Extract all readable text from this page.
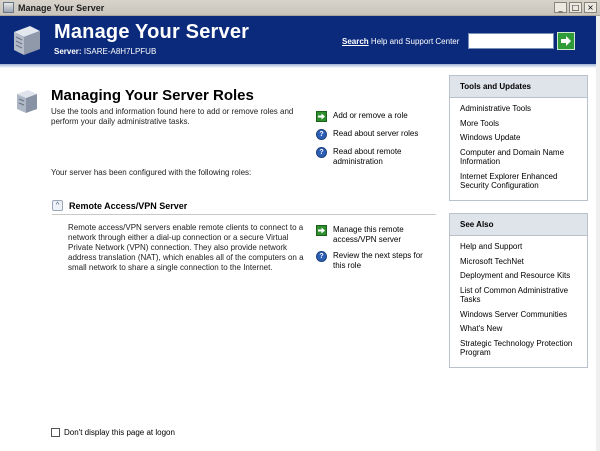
Manage Your Server	_	□ ×
Manage Your Server
Server: ISARE-A8H7LPFUB
Search Help and Support Center
Managing Your Server Roles
Use the tools and information found here to add or remove roles and perform your daily administrative tasks.
Add or remove a role
?	Read about server roles
?	Read about remote administration
Your server has been configured with the following roles:
^	Remote Access/VPN Server
Remote access/VPN servers enable remote clients to connect to a network through either a dial-up connection or a secure Virtual Private Network (VPN) connection. They also provide network address translation (NAT), which enables all of the computers on a small network to share a single connection to the Internet.
Manage this remote access/VPN server
?	Review the next steps for this role
Don't display this page at logon
Tools and Updates
Administrative Tools
More Tools
Windows Update
Computer and Domain Name Information
Internet Explorer Enhanced Security Configuration
See Also
Help and Support
Microsoft TechNet
Deployment and Resource Kits
List of Common Administrative Tasks
Windows Server Communities
What's New
Strategic Technology Protection Program
